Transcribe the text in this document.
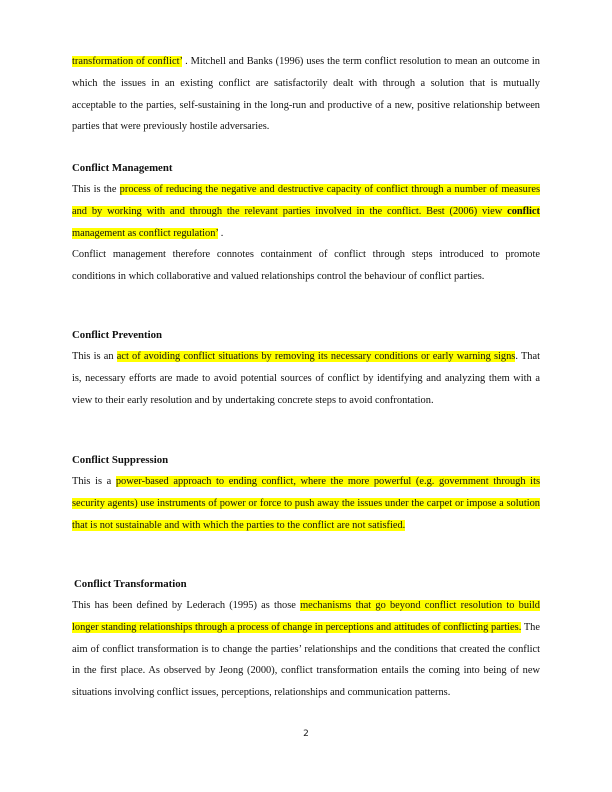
transformation of conflict’ . Mitchell and Banks (1996) uses the term conflict resolution to mean an outcome in which the issues in an existing conflict are satisfactorily dealt with through a solution that is mutually acceptable to the parties, self-sustaining in the long-run and productive of a new, positive relationship between parties that were previously hostile adversaries.

Conflict Management

This is the process of reducing the negative and destructive capacity of conflict through a number of measures and by working with and through the relevant parties involved in the conflict. Best (2006) view conflict management as conflict regulation’ .

Conflict management therefore connotes containment of conflict through steps introduced to promote conditions in which collaborative and valued relationships control the behaviour of conflict parties.

Conflict Prevention

This is an act of avoiding conflict situations by removing its necessary conditions or early warning signs. That is, necessary efforts are made to avoid potential sources of conflict by identifying and analyzing them with a view to their early resolution and by undertaking concrete steps to avoid confrontation.

Conflict Suppression

This is a power-based approach to ending conflict, where the more powerful (e.g. government through its security agents) use instruments of power or force to push away the issues under the carpet or impose a solution that is not sustainable and with which the parties to the conflict are not satisfied.

Conflict Transformation

This has been defined by Lederach (1995) as those mechanisms that go beyond conflict resolution to build longer standing relationships through a process of change in perceptions and attitudes of conflicting parties. The aim of conflict transformation is to change the parties’ relationships and the conditions that created the conflict in the first place. As observed by Jeong (2000), conflict transformation entails the coming into being of new situations involving conflict issues, perceptions, relationships and communication patterns.

2
